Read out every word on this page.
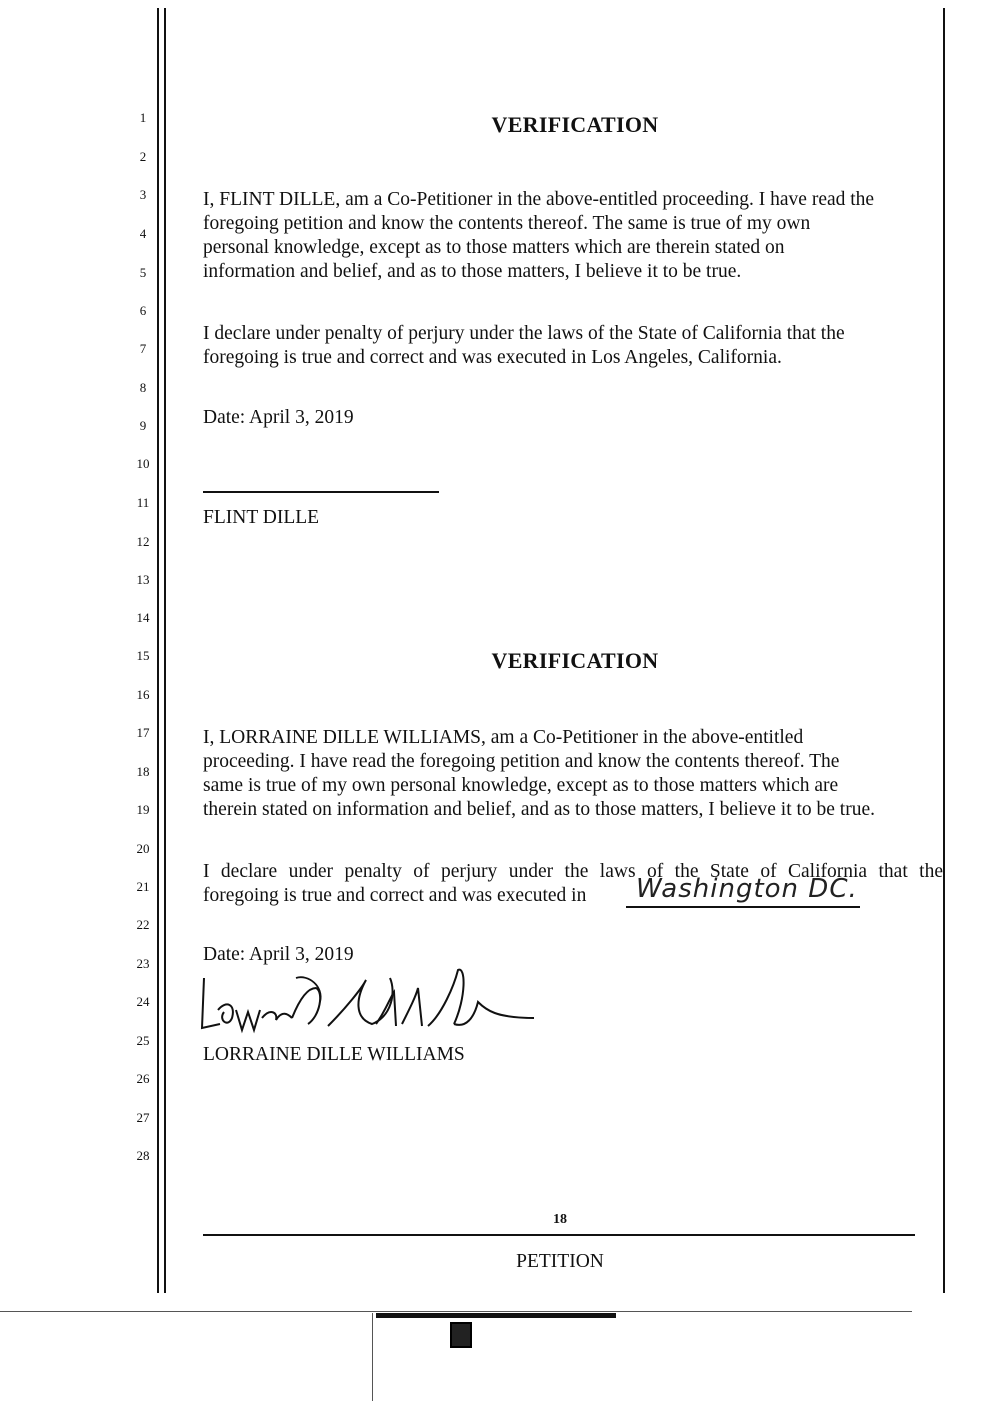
1
2
3
4
5
6
7
8
9
10
11
12
13
14
15
16
17
18
19
20
21
22
23
24
25
26
27
28
VERIFICATION
I, FLINT DILLE, am a Co-Petitioner in the above-entitled proceeding. I have read the
foregoing petition and know the contents thereof. The same is true of my own
personal knowledge, except as to those matters which are therein stated on
information and belief, and as to those matters, I believe it to be true.
I declare under penalty of perjury under the laws of the State of California that the
foregoing is true and correct and was executed in Los Angeles, California.
Date: April 3, 2019
FLINT DILLE
VERIFICATION
I, LORRAINE DILLE WILLIAMS, am a Co-Petitioner in the above-entitled
proceeding. I have read the foregoing petition and know the contents thereof. The
same is true of my own personal knowledge, except as to those matters which are
therein stated on information and belief, and as to those matters, I believe it to be true.
I declare under penalty of perjury under the laws of the State of California that the
foregoing is true and correct and was executed in Washington DC.
Date: April 3, 2019
LORRAINE DILLE WILLIAMS
18
PETITION
